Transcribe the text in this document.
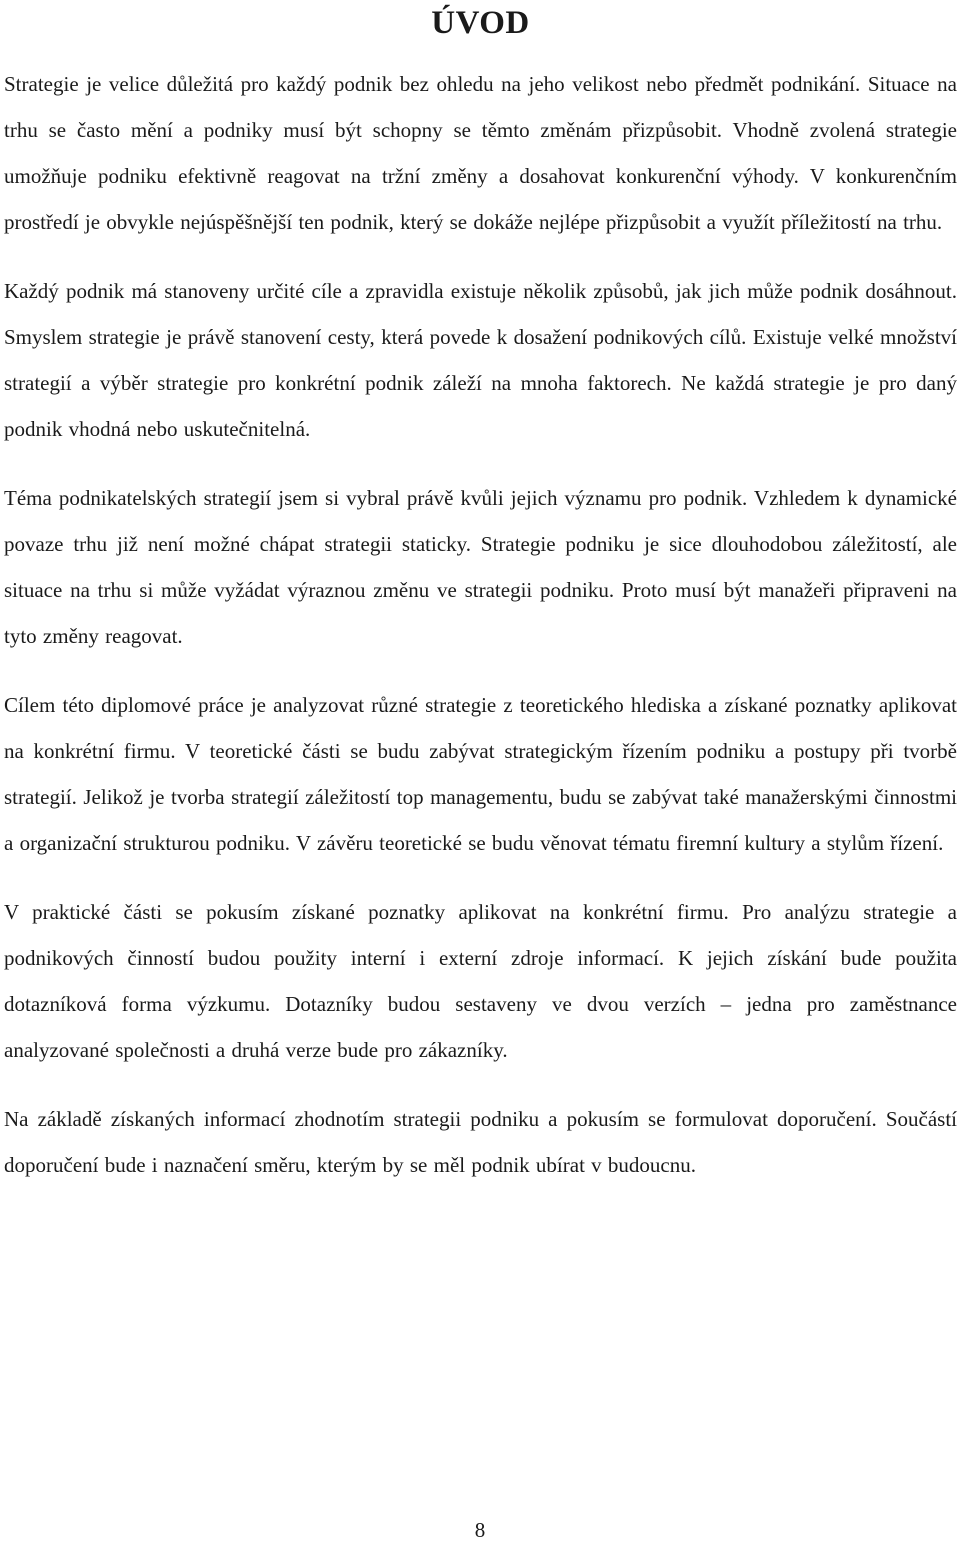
ÚVOD

Strategie je velice důležitá pro každý podnik bez ohledu na jeho velikost nebo předmět podnikání. Situace na trhu se často mění a podniky musí být schopny se těmto změnám přizpůsobit. Vhodně zvolená strategie umožňuje podniku efektivně reagovat na tržní změny a dosahovat konkurenční výhody. V konkurenčním prostředí je obvykle nejúspěšnější ten podnik, který se dokáže nejlépe přizpůsobit a využít příležitostí na trhu.

Každý podnik má stanoveny určité cíle a zpravidla existuje několik způsobů, jak jich může podnik dosáhnout. Smyslem strategie je právě stanovení cesty, která povede k dosažení podnikových cílů. Existuje velké množství strategií a výběr strategie pro konkrétní podnik záleží na mnoha faktorech. Ne každá strategie je pro daný podnik vhodná nebo uskutečnitelná.

Téma podnikatelských strategií jsem si vybral právě kvůli jejich významu pro podnik. Vzhledem k dynamické povaze trhu již není možné chápat strategii staticky. Strategie podniku je sice dlouhodobou záležitostí, ale situace na trhu si může vyžádat výraznou změnu ve strategii podniku. Proto musí být manažeři připraveni na tyto změny reagovat.

Cílem této diplomové práce je analyzovat různé strategie z teoretického hlediska a získané poznatky aplikovat na konkrétní firmu. V teoretické části se budu zabývat strategickým řízením podniku a postupy při tvorbě strategií. Jelikož je tvorba strategií záležitostí top managementu, budu se zabývat také manažerskými činnostmi a organizační strukturou podniku. V závěru teoretické se budu věnovat tématu firemní kultury a stylům řízení.

V praktické části se pokusím získané poznatky aplikovat na konkrétní firmu. Pro analýzu strategie a podnikových činností budou použity interní i externí zdroje informací. K jejich získání bude použita dotazníková forma výzkumu. Dotazníky budou sestaveny ve dvou verzích – jedna pro zaměstnance analyzované společnosti a druhá verze bude pro zákazníky.

Na základě získaných informací zhodnotím strategii podniku a pokusím se formulovat doporučení. Součástí doporučení bude i naznačení směru, kterým by se měl podnik ubírat v budoucnu.

8
